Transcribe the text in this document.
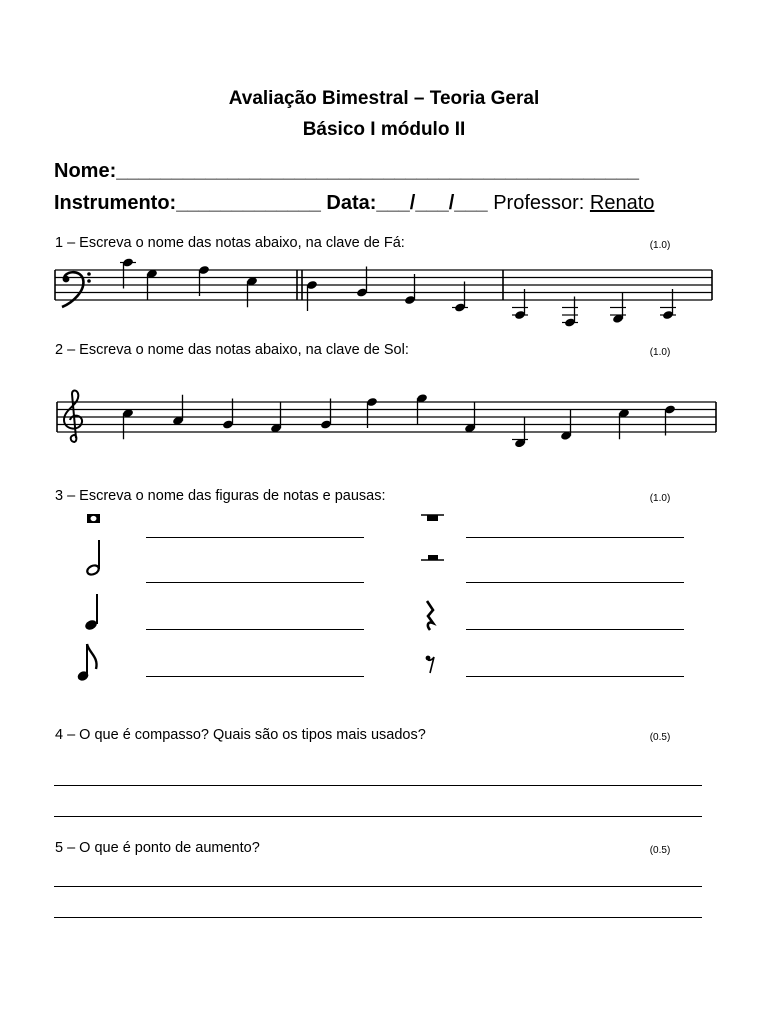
Avaliação Bimestral – Teoria Geral
Básico I módulo II
Nome:_______________________________________________
Instrumento:_____________ Data:___/___/___ Professor: Renato
1 – Escreva o nome das notas abaixo, na clave de Fá:	(1.0)
2 – Escreva o nome das notas abaixo, na clave de Sol:	(1.0)
3 – Escreva o nome das figuras de notas e pausas:	(1.0)
4 – O que é compasso? Quais são os tipos mais usados?	(0.5)
5 – O que é ponto de aumento?	(0.5)
